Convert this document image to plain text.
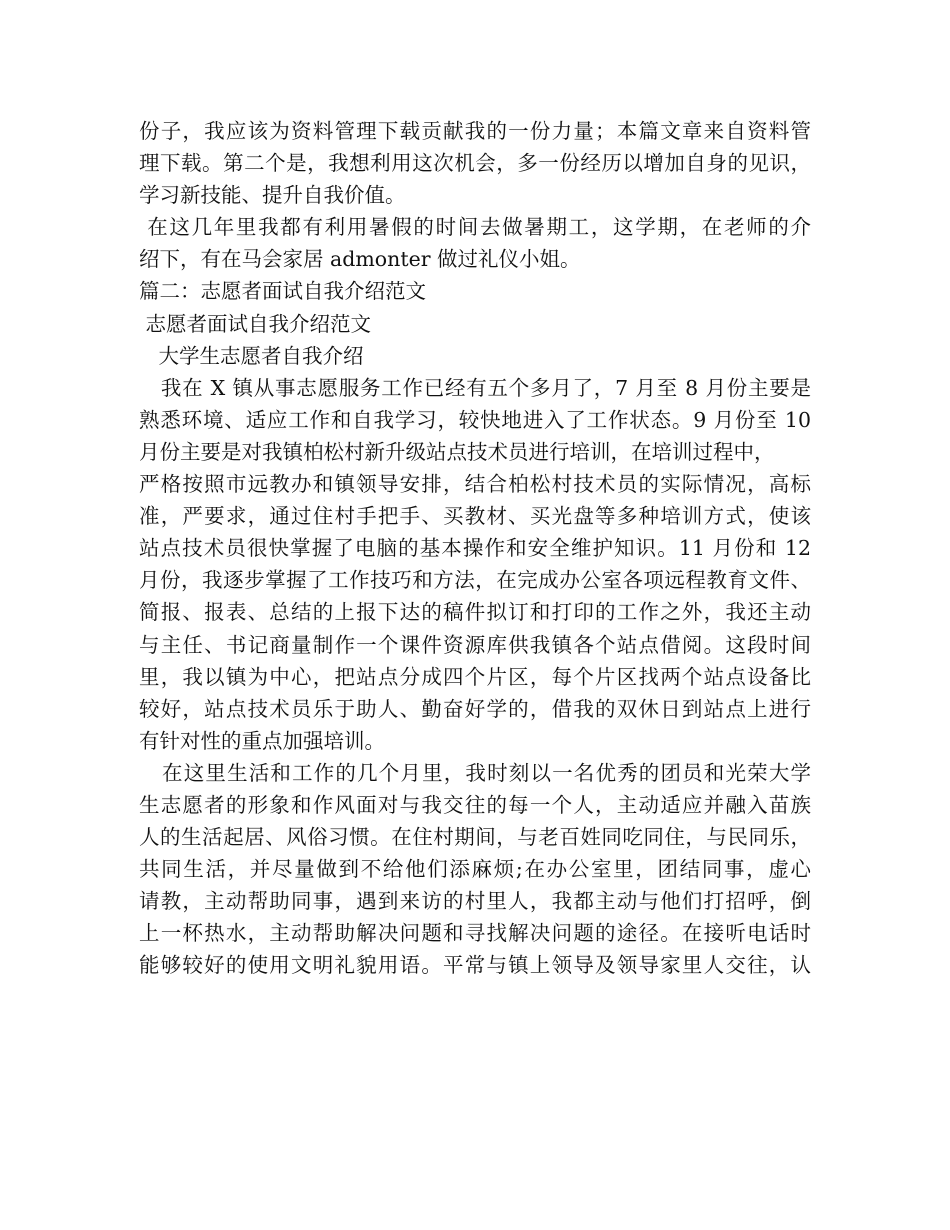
份子，我应该为资料管理下载贡献我的一份力量；本篇文章来自资料管
理下载。第二个是，我想利用这次机会，多一份经历以增加自身的见识，
学习新技能、提升自我价值。
在这几年里我都有利用暑假的时间去做暑期工，这学期，在老师的介
绍下，有在马会家居 admonter 做过礼仪小姐。
篇二：志愿者面试自我介绍范文
志愿者面试自我介绍范文
大学生志愿者自我介绍
我在 X 镇从事志愿服务工作已经有五个多月了，7 月至 8 月份主要是
熟悉环境、适应工作和自我学习，较快地进入了工作状态。9 月份至 10
月份主要是对我镇柏松村新升级站点技术员进行培训，在培训过程中，
严格按照市远教办和镇领导安排，结合柏松村技术员的实际情况，高标
准，严要求，通过住村手把手、买教材、买光盘等多种培训方式，使该
站点技术员很快掌握了电脑的基本操作和安全维护知识。11 月份和 12
月份，我逐步掌握了工作技巧和方法，在完成办公室各项远程教育文件、
简报、报表、总结的上报下达的稿件拟订和打印的工作之外，我还主动
与主任、书记商量制作一个课件资源库供我镇各个站点借阅。这段时间
里，我以镇为中心，把站点分成四个片区，每个片区找两个站点设备比
较好，站点技术员乐于助人、勤奋好学的，借我的双休日到站点上进行
有针对性的重点加强培训。
在这里生活和工作的几个月里，我时刻以一名优秀的团员和光荣大学
生志愿者的形象和作风面对与我交往的每一个人，主动适应并融入苗族
人的生活起居、风俗习惯。在住村期间，与老百姓同吃同住，与民同乐，
共同生活，并尽量做到不给他们添麻烦;在办公室里，团结同事，虚心
请教，主动帮助同事，遇到来访的村里人，我都主动与他们打招呼，倒
上一杯热水，主动帮助解决问题和寻找解决问题的途径。在接听电话时
能够较好的使用文明礼貌用语。平常与镇上领导及领导家里人交往，认
